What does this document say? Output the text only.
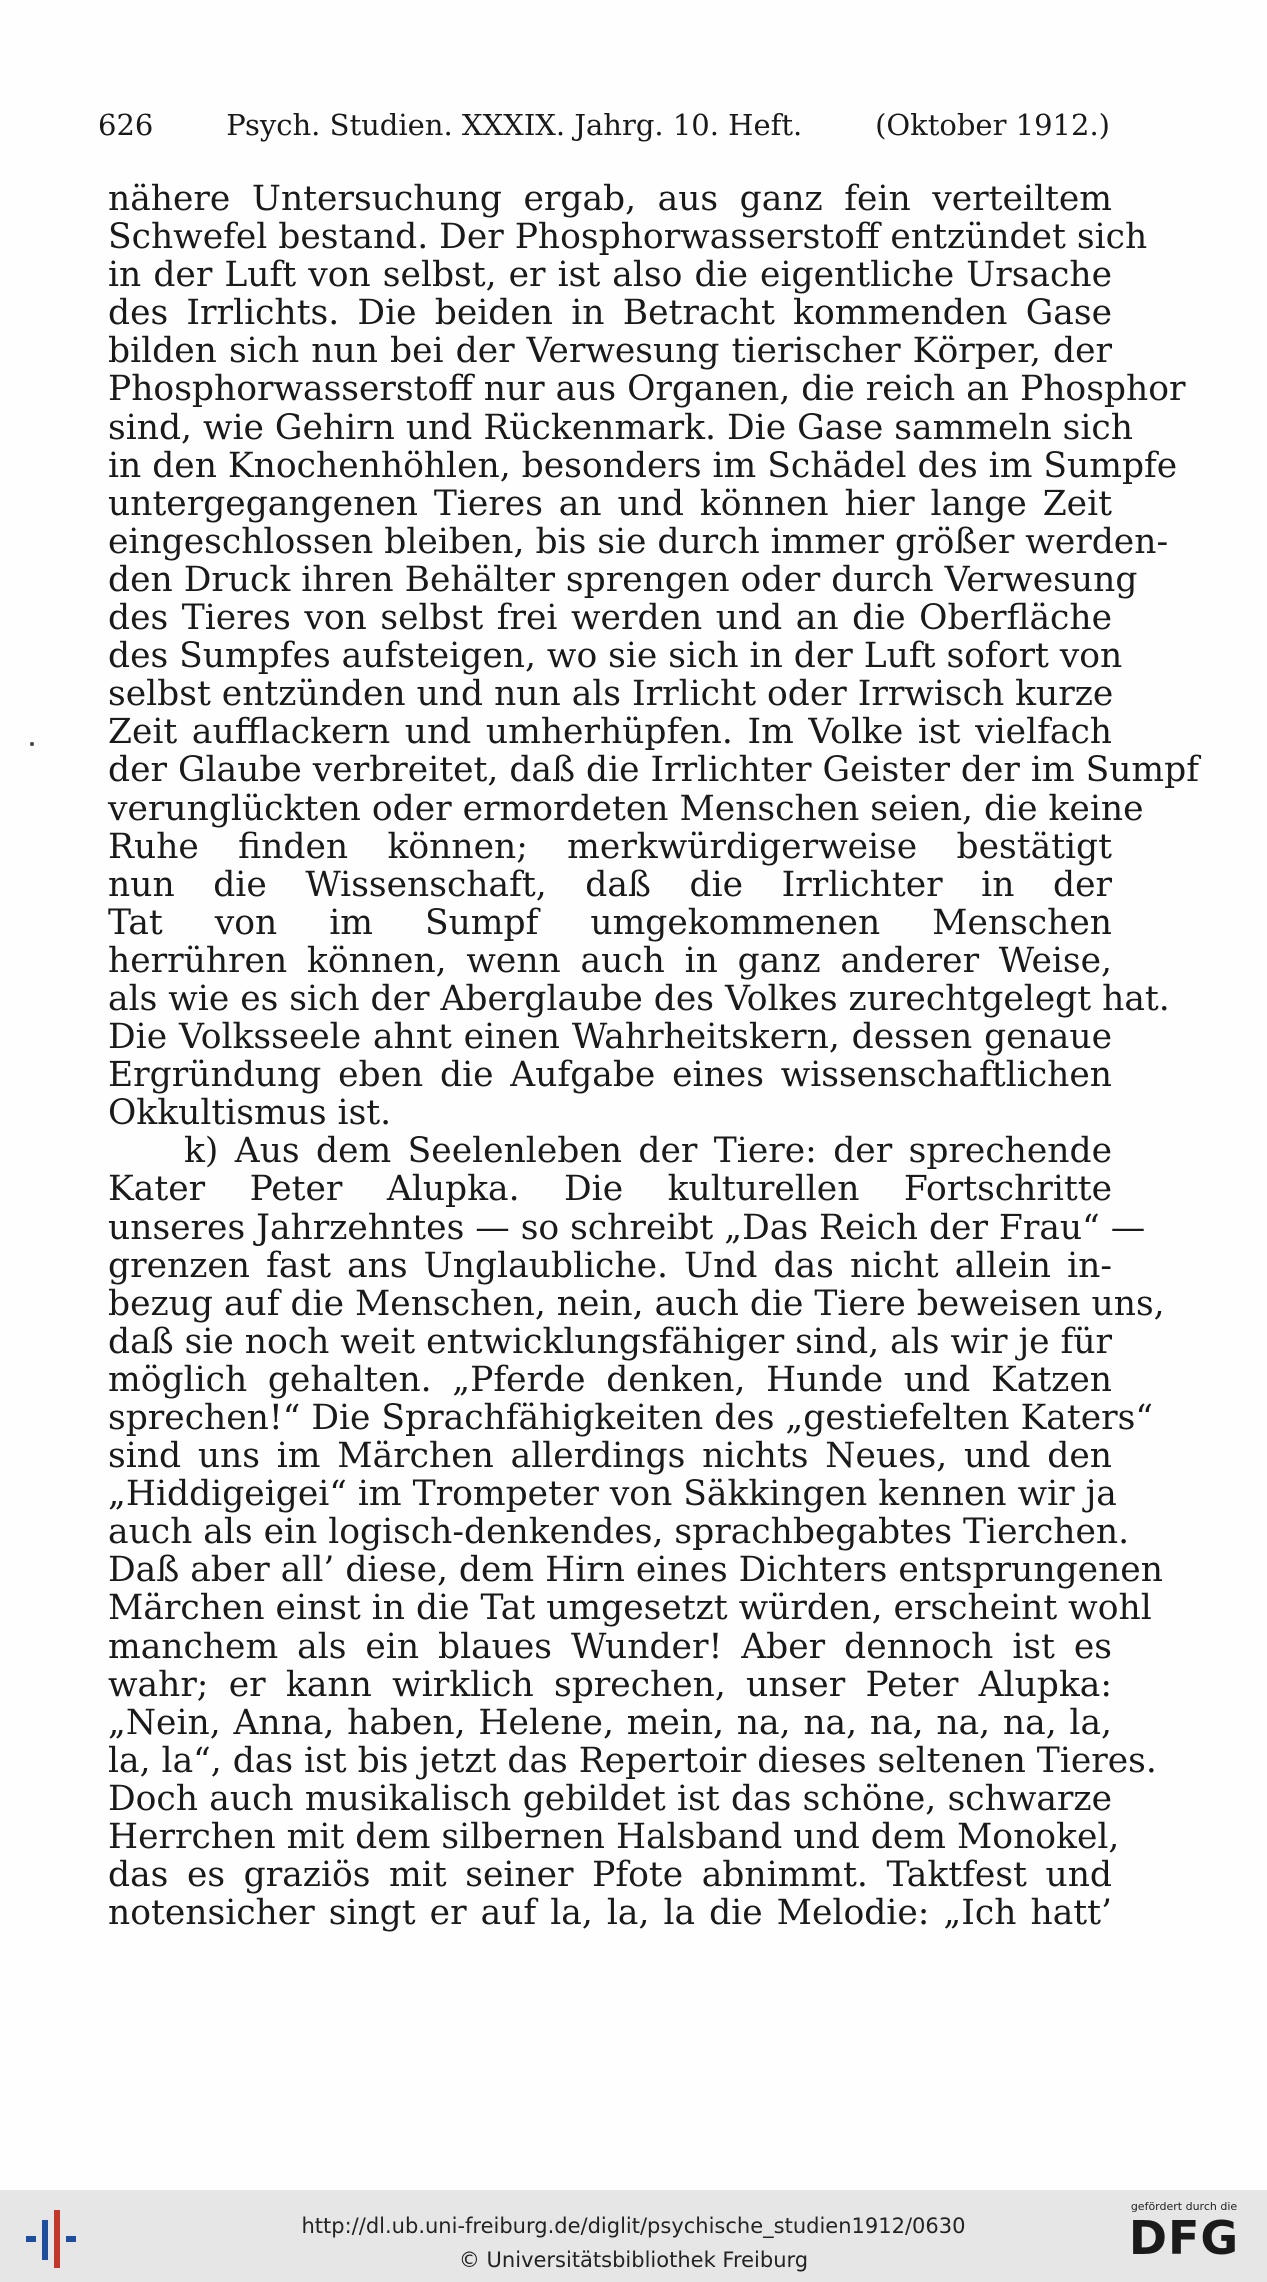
626	Psych. Studien. XXXIX. Jahrg. 10. Heft.	(Oktober 1912.)
nähere Untersuchung ergab, aus ganz fein verteiltem
Schwefel bestand. Der Phosphorwasserstoff entzündet sich
in der Luft von selbst, er ist also die eigentliche Ursache
des Irrlichts. Die beiden in Betracht kommenden Gase
bilden sich nun bei der Verwesung tierischer Körper, der
Phosphorwasserstoff nur aus Organen, die reich an Phosphor
sind, wie Gehirn und Rückenmark. Die Gase sammeln sich
in den Knochenhöhlen, besonders im Schädel des im Sumpfe
untergegangenen Tieres an und können hier lange Zeit
eingeschlossen bleiben, bis sie durch immer größer werden-
den Druck ihren Behälter sprengen oder durch Verwesung
des Tieres von selbst frei werden und an die Oberfläche
des Sumpfes aufsteigen, wo sie sich in der Luft sofort von
selbst entzünden und nun als Irrlicht oder Irrwisch kurze
Zeit aufflackern und umherhüpfen. Im Volke ist vielfach
der Glaube verbreitet, daß die Irrlichter Geister der im Sumpf
verunglückten oder ermordeten Menschen seien, die keine
Ruhe finden können; merkwürdigerweise bestätigt
nun die Wissenschaft, daß die Irrlichter in der
Tat von im Sumpf umgekommenen Menschen
herrühren können, wenn auch in ganz anderer Weise,
als wie es sich der Aberglaube des Volkes zurechtgelegt hat.
Die Volksseele ahnt einen Wahrheitskern, dessen genaue
Ergründung eben die Aufgabe eines wissenschaftlichen
Okkultismus ist.
k) Aus dem Seelenleben der Tiere: der sprechende
Kater Peter Alupka. Die kulturellen Fortschritte
unseres Jahrzehntes — so schreibt „Das Reich der Frau“ —
grenzen fast ans Unglaubliche. Und das nicht allein in-
bezug auf die Menschen, nein, auch die Tiere beweisen uns,
daß sie noch weit entwicklungsfähiger sind, als wir je für
möglich gehalten. „Pferde denken, Hunde und Katzen
sprechen!“ Die Sprachfähigkeiten des „gestiefelten Katers“
sind uns im Märchen allerdings nichts Neues, und den
„Hiddigeigei“ im Trompeter von Säkkingen kennen wir ja
auch als ein logisch-denkendes, sprachbegabtes Tierchen.
Daß aber all’ diese, dem Hirn eines Dichters entsprungenen
Märchen einst in die Tat umgesetzt würden, erscheint wohl
manchem als ein blaues Wunder! Aber dennoch ist es
wahr; er kann wirklich sprechen, unser Peter Alupka:
„Nein, Anna, haben, Helene, mein, na, na, na, na, na, la,
la, la“, das ist bis jetzt das Repertoir dieses seltenen Tieres.
Doch auch musikalisch gebildet ist das schöne, schwarze
Herrchen mit dem silbernen Halsband und dem Monokel,
das es graziös mit seiner Pfote abnimmt. Taktfest und
notensicher singt er auf la, la, la die Melodie: „Ich hatt’
http://dl.ub.uni-freiburg.de/diglit/psychische_studien1912/0630
© Universitätsbibliothek Freiburg
gefördert durch die
DFG
